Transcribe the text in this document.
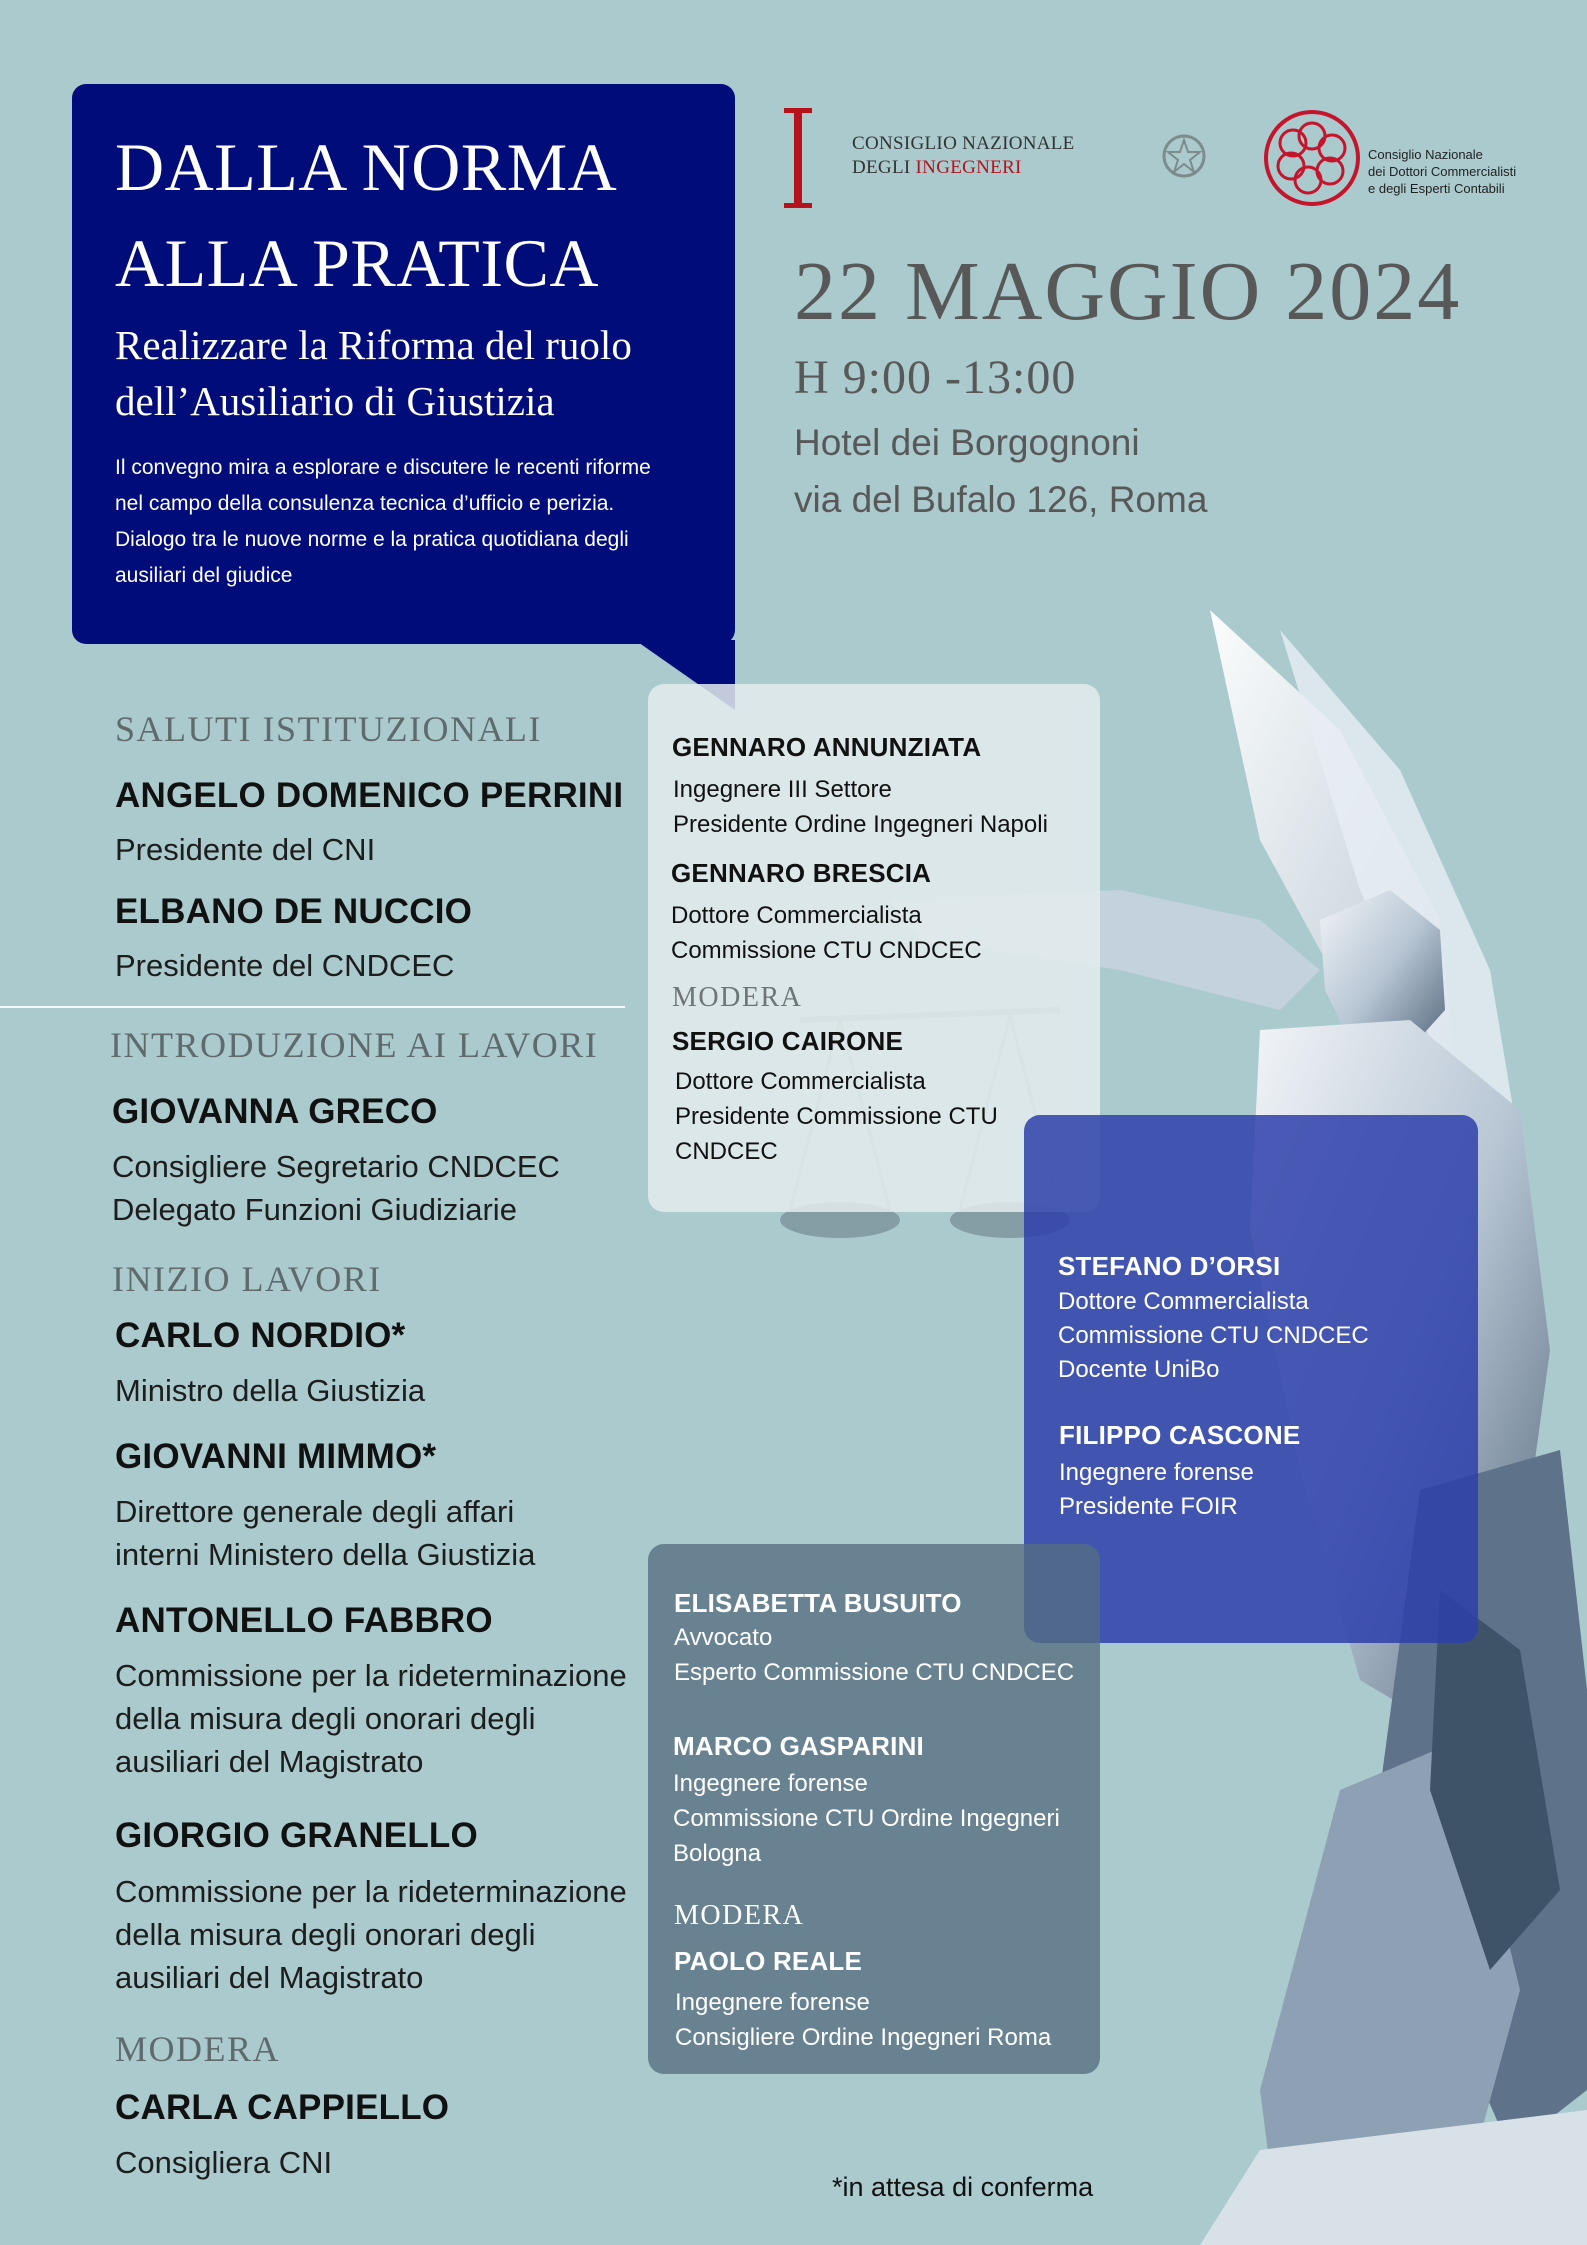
DALLA NORMA
ALLA PRATICA
Realizzare la Riforma del ruolo
dell’Ausiliario di Giustizia
Il convegno mira a esplorare e discutere le recenti riforme
nel campo della consulenza tecnica d’ufficio e perizia.
Dialogo tra le nuove norme e la pratica quotidiana degli
ausiliari del giudice
CONSIGLIO NAZIONALE
DEGLI INGEGNERI
Consiglio Nazionale
dei Dottori Commercialisti
e degli Esperti Contabili
22 MAGGIO 2024
H 9:00 -13:00
Hotel dei Borgognoni
via del Bufalo 126, Roma
SALUTI ISTITUZIONALI
ANGELO DOMENICO PERRINI
Presidente del CNI
ELBANO DE NUCCIO
Presidente del CNDCEC
INTRODUZIONE AI LAVORI
GIOVANNA GRECO
Consigliere Segretario CNDCEC
Delegato Funzioni Giudiziarie
INIZIO LAVORI
CARLO NORDIO*
Ministro della Giustizia
GIOVANNI MIMMO*
Direttore generale degli affari
interni Ministero della Giustizia
ANTONELLO FABBRO
Commissione per la rideterminazione
della misura degli onorari degli
ausiliari del Magistrato
GIORGIO GRANELLO
Commissione per la rideterminazione
della misura degli onorari degli
ausiliari del Magistrato
MODERA
CARLA CAPPIELLO
Consigliera CNI
GENNARO ANNUNZIATA
Ingegnere III Settore
Presidente Ordine Ingegneri Napoli
GENNARO BRESCIA
Dottore Commercialista
Commissione CTU CNDCEC
MODERA
SERGIO CAIRONE
Dottore Commercialista
Presidente Commissione CTU
CNDCEC
STEFANO D’ORSI
Dottore Commercialista
Commissione CTU CNDCEC
Docente UniBo
FILIPPO CASCONE
Ingegnere forense
Presidente FOIR
ELISABETTA BUSUITO
Avvocato
Esperto Commissione CTU CNDCEC
MARCO GASPARINI
Ingegnere forense
Commissione CTU Ordine Ingegneri
Bologna
MODERA
PAOLO REALE
Ingegnere forense
Consigliere Ordine Ingegneri Roma
*in attesa di conferma
